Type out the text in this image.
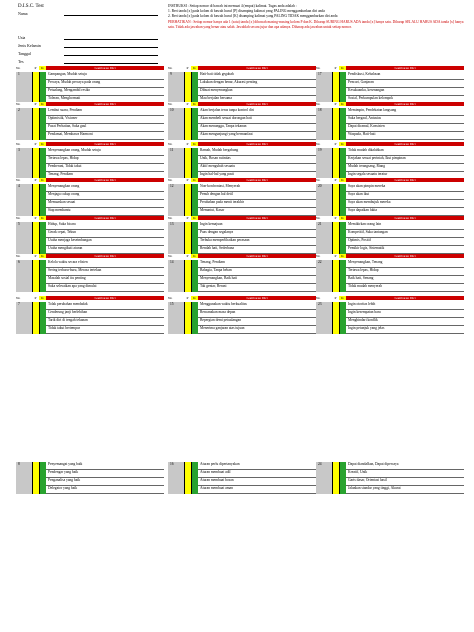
D.I.S.C. Test
Nama
Usia
Jenis Kelamin
Tanggal
Tes
INSTRUKSI : Setiap nomor di bawah ini memuat 4 (empat) kalimat. Tugas anda adalah :
1. Beri tanda [x] pada kolom di bawah huruf [P] disamping kalimat yang PALING menggambarkan diri anda
2. Beri tanda [x] pada kolom di bawah huruf [K] disamping kalimat yang PALING TIDAK menggambarkan diri anda
PERHATIKAN : Setiap nomor hanya ada 1 (satu) tanda [x] dibawah masing-masing kolom P dan K. Diharap SURING HARUS ADA tanda [x] hanya satu. Diharap SELALU HARUS ADA tanda [x] hanya satu. Tidak ada jawaban yang benar atau salah. Jawablah secara jujur dan apa adanya. Diharap ada jawaban untuk setiap nomor.
No	P	K	Gambaran Diri
1	Gampangan, Mudah setuju
Percaya, Mudah percaya pada orang
Petualang, Mengambil resiko
Toleran, Menghormati
No	P	K	Gambaran Diri
9	Hati-hati tidak gegabah
Lakukan dengan benar, Akurasi penting
Dibuat menyenangkan
Mau berjalan bersama
No	P	K	Gambaran Diri
17	Pendiskusi, Kebalasan
Pencari, Ganjaran
Kesukaanku, kesenangan
Sosial, Perkumpulan kelompok
No	P	K	Gambaran Diri
2	Lembut suara, Pendiam
Optimistik, Visioner
Pusat Perhatian, Suka gaul
Pendamai, Membawa Harmoni
No	P	K	Gambaran Diri
10	Akan berjalan terus tanpa kontrol diri
Akan membeli sesuai dorongan hati
Akan menunggu, Tanpa tekanan
Akan mengunjungi yang bermanfaat
No	P	K	Gambaran Diri
18	Memimpin, Pendekatan langsung
Suka bergaul, Antusias
Dapat diramal, Konsisten
Waspada, Hati-hati
No	P	K	Gambaran Diri
3	Menyenangkan orang, Mudah setuju
Tertawa lepas, Hidup
Pemberani, Tidak takut
Tenang, Pendiam
No	P	K	Gambaran Diri
11	Ramah, Mudah bergabung
Unik, Bosan rutinitas
Aktif mengubah sesuatu
Ingin hal-hal yang pasti
No	P	K	Gambaran Diri
19	Tidak mudah dikalahkan
Kerjakan sesuai perintah, Ikut pimpinan
Mudah terangsang, Riang
Ingin segala sesuatu teratur
No	P	K	Gambaran Diri
4	Menyenangkan orang
Menjaga cukup orang
Memuaskan sesuai
Siap membantu
No	P	K	Gambaran Diri
12	Non-konfrontasi, Menyerah
Penuh dengan hal detil
Perubahan pada menit terakhir
Menuntut, Kasar
No	P	K	Gambaran Diri
20	Saya akan pimpin mereka
Saya akan ikut
Saya akan membujuk mereka
Saya dapatkan fakta
No	P	K	Gambaran Diri
5	Hidup, Suka bicara
Gerak cepat, Tekun
Usaha menjaga keseimbangan
Usaha mengikuti aturan
No	P	K	Gambaran Diri
13	Ingin kemajuan
Puas dengan segalanya
Terbuka memperlihatkan perasaan
Rendah hati, Sederhana
No	P	K	Gambaran Diri
21	Memikirkan orang lain
Kompetitif, Suka tantangan
Optimis, Positif
Pemikir logis, Sistematik
No	P	K	Gambaran Diri
6	Kelola waktu secara efisien
Sering terburu-buru, Merasa tertekan
Masalah sosial itu penting
Suka selesaikan apa yang dimulai
No	P	K	Gambaran Diri
14	Tenang, Pendiam
Bahagia, Tanpa beban
Menyenangkan, Baik hati
Tak gentar, Berani
No	P	K	Gambaran Diri
22	Menyenangkan, Tenang
Tertawa lepas, Hidup
Baik hati, Senang
Tidak mudah menyerah
No	P	K	Gambaran Diri
7	Tolak perubahan mendadak
Cenderung janji berlebihan
Tarik diri di tengah tekanan
Tidak takut bertempur
No	P	K	Gambaran Diri
15	Menggunakan waktu berkualitas
Rencanakan masa depan
Bepergian demi petualangan
Menerima ganjaran atas tujuan
No	P	K	Gambaran Diri
23	Ingin otoritas lebih
Ingin kesempatan baru
Menghindari konflik
Ingin petunjuk yang jelas
8	Penyemangat yang baik
Pendengar yang baik
Penganalisa yang baik
Delegator yang baik
16	Aturan perlu dipertanyakan
Aturan membuat adil
Aturan membuat bosan
Aturan membuat aman
24	Dapat diandalkan, Dapat dipercaya
Kreatif, Unik
Garis dasar, Orientasi hasil
Jalankan standar yang tinggi, Akurat
